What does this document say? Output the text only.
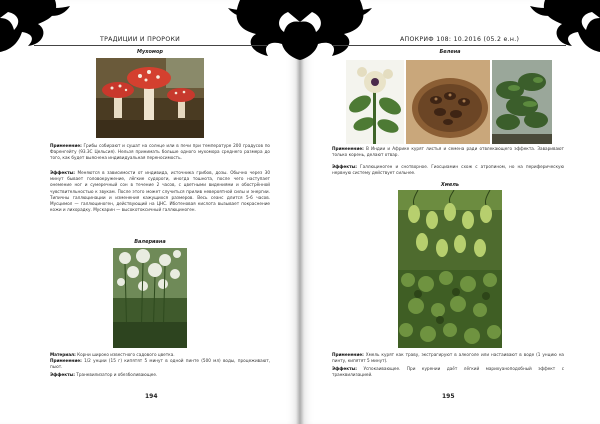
ТРАДИЦИИ И ПРОРОКИ
Мухомор
Применение: Грибы собирают и сушат на солнце или в печи при температуре 200 градусов по Фаренгейту (93.3С Цельсия). Нельзя принимать больше одного мухомора среднего размера до того, как будет выяснена индивидуальная переносимость.
Эффекты: Меняются в зависимости от индивида, источника грибов, дозы. Обычно через 30 минут бывает головокружение, лёгкие судороги, иногда тошнота, после чего наступает онемение ног и сумеречный сон в течение 2 часов, с цветными видениями и обострённой чувствительностью к звукам. После этого может случиться прилив невероятной силы и энергии. Типичны галлюцинации и изменения кажущихся размеров. Весь сеанс длится 5-6 часов. Мусцимол — галлюциноген, действующий на ЦНС. Иботеновая кислота вызывает покраснение кожи и лихорадку. Мускарин — высокотоксичный галлюциноген.
Валериана
Материал: Корни широко известного садового цветка.
Применение: 1/2 унции (15 г) кипятят 5 минут в одной пинте (500 мл) воды, процеживают, пьют.
Эффекты: Транквилизатор и обезболивающее.
194
АПОКРИФ 108: 10.2016 (05.2 е.н.)
Белена
Применение: В Индии и Африке курят листья и семена ради отвлекающего эффекта. Заваривают только корень, делают отвар.
Эффекты: Галлюциноген и снотворное. Гиосциамин схож с атропином, но на периферическую нервную систему действует сильнее.
Хмель
Применение: Хмель курят как траву, экстрагируют в алкоголе или настаивают в воде (1 унцию на пинту, кипятят 5 минут).
Эффекты: Успокаивающее. При курении даёт лёгкий марихуаноподобный эффект с транквилизацией.
195
